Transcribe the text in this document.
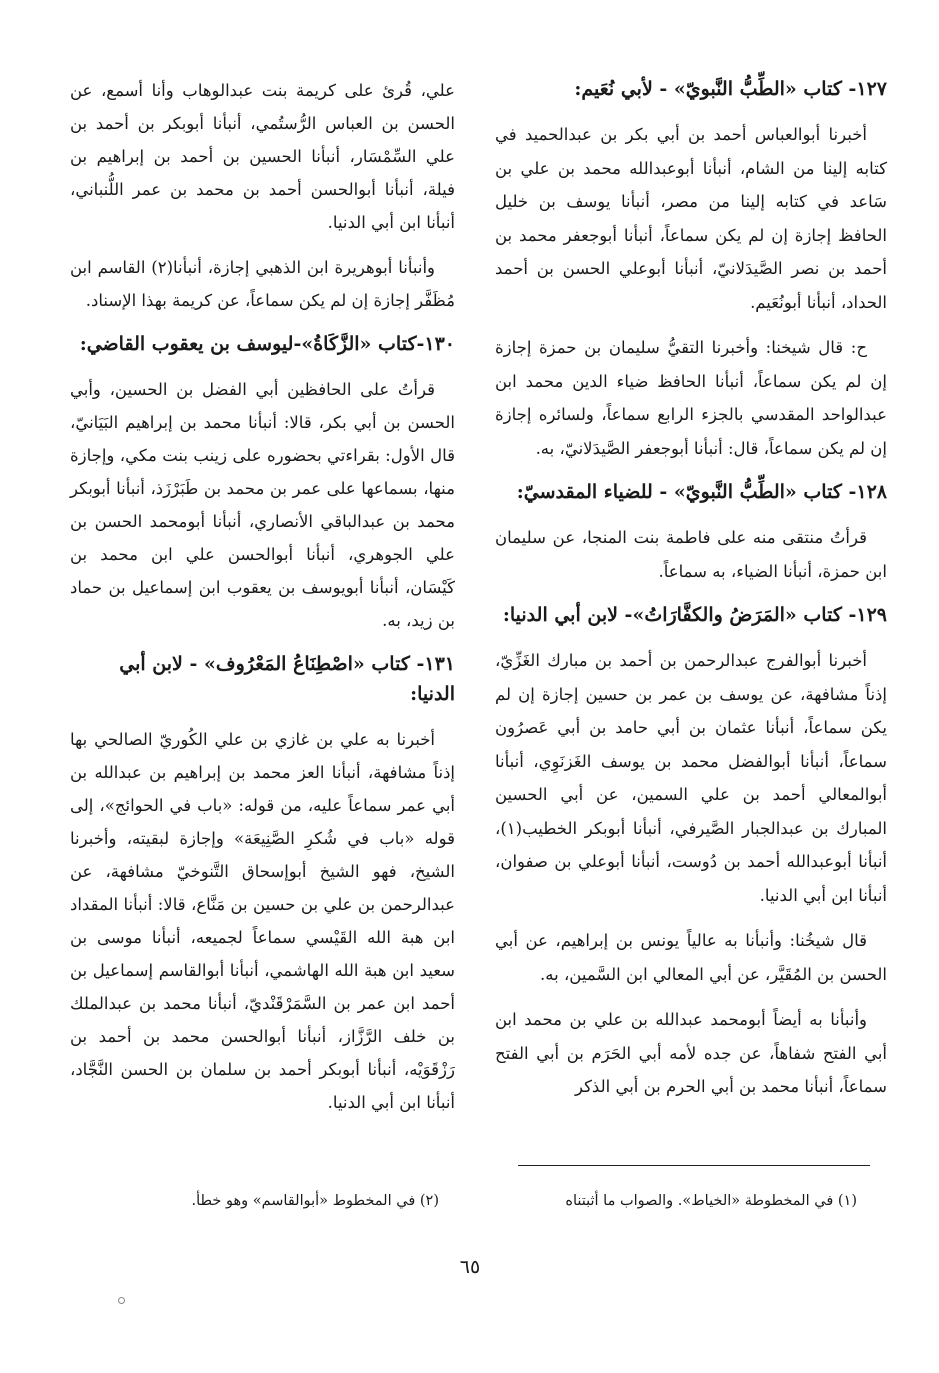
١٢٧- كتاب «الطِّبُّ النَّبويّ» - لأبي نُعَيم:

أخبرنا أبوالعباس أحمد بن أبي بكر بن عبدالحميد في كتابه إلينا من الشام، أنبأنا أبوعبدالله محمد بن علي بن سَاعد في كتابه إلينا من مصر، أنبأنا يوسف بن خليل الحافظ إجازة إن لم يكن سماعاً، أنبأنا أبوجعفر محمد بن أحمد بن نصر الصَّيدَلانيّ، أنبأنا أبوعلي الحسن بن أحمد الحداد، أنبأنا أبونُعَيم.

ح: قال شيخنا: وأخبرنا التقيُّ سليمان بن حمزة إجازة إن لم يكن سماعاً، أنبأنا الحافظ ضياء الدين محمد ابن عبدالواحد المقدسي بالجزء الرابع سماعاً، ولسائره إجازة إن لم يكن سماعاً، قال: أنبأنا أبوجعفر الصَّيدَلانيّ، به.

١٢٨- كتاب «الطِّبُّ النَّبويّ» - للضياء المقدسيّ:

قرأتُ منتقى منه على فاطمة بنت المنجا، عن سليمان ابن حمزة، أنبأنا الضياء، به سماعاً.

١٢٩- كتاب «المَرَضُ والكفَّارَاتُ»- لابن أبي الدنيا:

أخبرنا أبوالفرج عبدالرحمن بن أحمد بن مبارك الغَزِّيّ، إذناً مشافهة، عن يوسف بن عمر بن حسين إجازة إن لم يكن سماعاً، أنبأنا عثمان بن أبي حامد بن أبي عَصرُون سماعاً، أنبأنا أبوالفضل محمد بن يوسف الغَزنَوِي، أنبأنا أبوالمعالي أحمد بن علي السمين، عن أبي الحسين المبارك بن عبدالجبار الصَّيرفي، أنبأنا أبوبكر الخطيب(١)، أنبأنا أبوعبدالله أحمد بن دُوست، أنبأنا أبوعلي بن صفوان، أنبأنا ابن أبي الدنيا.

قال شيخُنا: وأنبأنا به عالياً يونس بن إبراهيم، عن أبي الحسن بن المُقَيَّر، عن أبي المعالي ابن السَّمين، به.

وأنبأنا به أيضاً أبومحمد عبدالله بن علي بن محمد ابن أبي الفتح شفاهاً، عن جده لأمه أبي الحَرَم بن أبي الفتح سماعاً، أنبأنا محمد بن أبي الحرم بن أبي الذكر

علي، قُرئ على كريمة بنت عبدالوهاب وأنا أسمع، عن الحسن بن العباس الرُّستُمي، أنبأنا أبوبكر بن أحمد بن علي السِّمْسَار، أنبأنا الحسين بن أحمد بن إبراهيم بن فيلة، أنبأنا أبوالحسن أحمد بن محمد بن عمر اللُّنباني، أنبأنا ابن أبي الدنيا.

وأنبأنا أبوهريرة ابن الذهبي إجازة، أنبأنا(٢) القاسم ابن مُظَفَّر إجازة إن لم يكن سماعاً، عن كريمة بهذا الإسناد.

١٣٠-كتاب «الزَّكَاةُ»-ليوسف بن يعقوب القاضي:

قرأتُ على الحافظين أبي الفضل بن الحسين، وأبي الحسن بن أبي بكر، قالا: أنبأنا محمد بن إبراهيم البَيَانيّ، قال الأول: بقراءتي بحضوره على زينب بنت مكي، وإجازة منها، بسماعها على عمر بن محمد بن طَبَرْزَذ، أنبأنا أبوبكر محمد بن عبدالباقي الأنصاري، أنبأنا أبومحمد الحسن بن علي الجوهري، أنبأنا أبوالحسن علي ابن محمد بن كَيْسَان، أنبأنا أبويوسف بن يعقوب ابن إسماعيل بن حماد بن زيد، به.

١٣١- كتاب «اصْطِنَاعُ المَعْرُوف» - لابن أبي الدنيا:

أخبرنا به علي بن غازي بن علي الكُوريّ الصالحي بها إذناً مشافهة، أنبأنا العز محمد بن إبراهيم بن عبدالله بن أبي عمر سماعاً عليه، من قوله: «باب في الحوائج»، إلى قوله «باب في شُكرِ الصَّنِيعَة» وإجازة لبقيته، وأخبرنا الشيخ، فهو الشيخ أبوإسحاق التَّنوخيّ مشافهة، عن عبدالرحمن بن علي بن حسين بن مَنَّاع، قالا: أنبأنا المقداد ابن هبة الله القَيْسي سماعاً لجميعه، أنبأنا موسى بن سعيد ابن هبة الله الهاشمي، أنبأنا أبوالقاسم إسماعيل بن أحمد ابن عمر بن السَّمَرْقَنْديّ، أنبأنا محمد بن عبدالملك بن خلف الرَّزَّاز، أنبأنا أبوالحسن محمد بن أحمد بن رَزْقَوَيْه، أنبأنا أبوبكر أحمد بن سلمان بن الحسن النَّجَّاد، أنبأنا ابن أبي الدنيا.

(١) في المخطوطة «الخياط». والصواب ما أثبتناه
(٢) في المخطوط «أبوالقاسم» وهو خطأ.
٦٥
